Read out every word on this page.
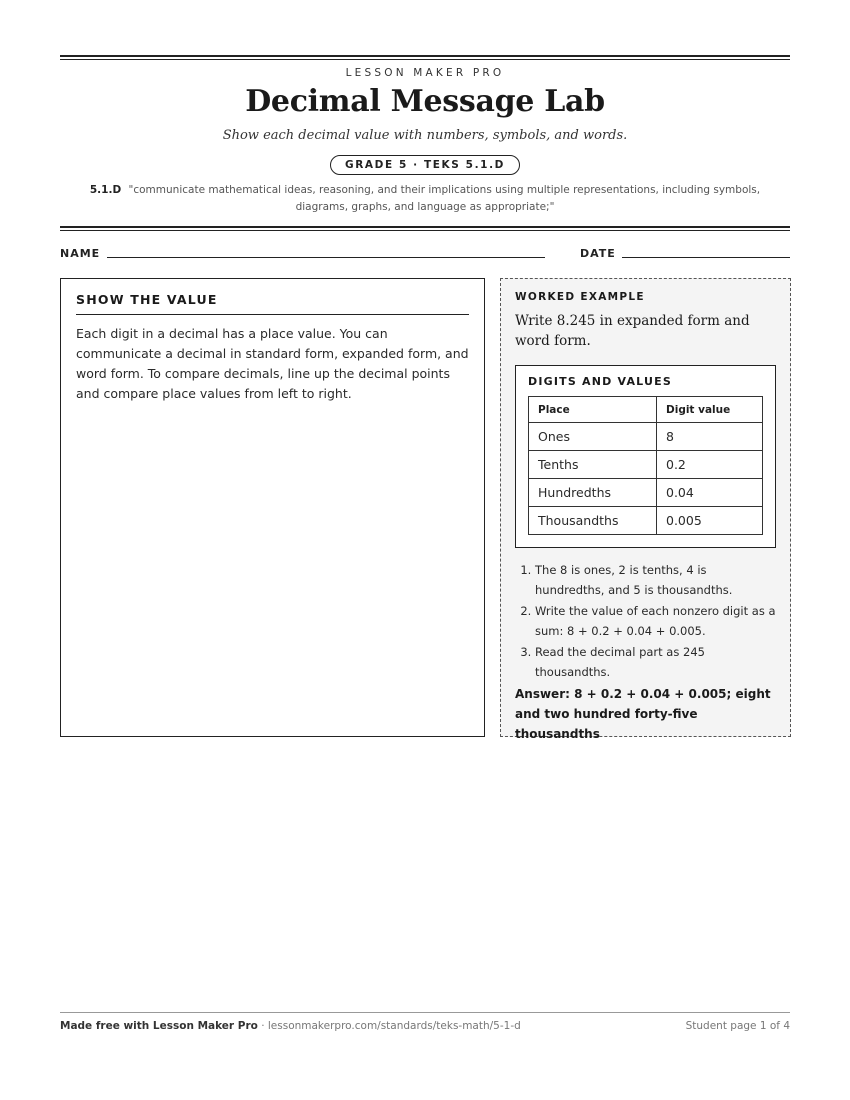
LESSON MAKER PRO
Decimal Message Lab
Show each decimal value with numbers, symbols, and words.
GRADE 5 · TEKS 5.1.D
5.1.D "communicate mathematical ideas, reasoning, and their implications using multiple representations, including symbols, diagrams, graphs, and language as appropriate;"
NAME	DATE
SHOW THE VALUE
Each digit in a decimal has a place value. You can communicate a decimal in standard form, expanded form, and word form. To compare decimals, line up the decimal points and compare place values from left to right.
WORKED EXAMPLE
Write 8.245 in expanded form and word form.
DIGITS AND VALUES
Place	Digit value
Ones	8
Tenths	0.2
Hundredths	0.04
Thousandths	0.005
1. The 8 is ones, 2 is tenths, 4 is hundredths, and 5 is thousandths.
2. Write the value of each nonzero digit as a sum: 8 + 0.2 + 0.04 + 0.005.
3. Read the decimal part as 245 thousandths.
Answer: 8 + 0.2 + 0.04 + 0.005; eight and two hundred forty-five thousandths
Made free with Lesson Maker Pro · lessonmakerpro.com/standards/teks-math/5-1-d	Student page 1 of 4
